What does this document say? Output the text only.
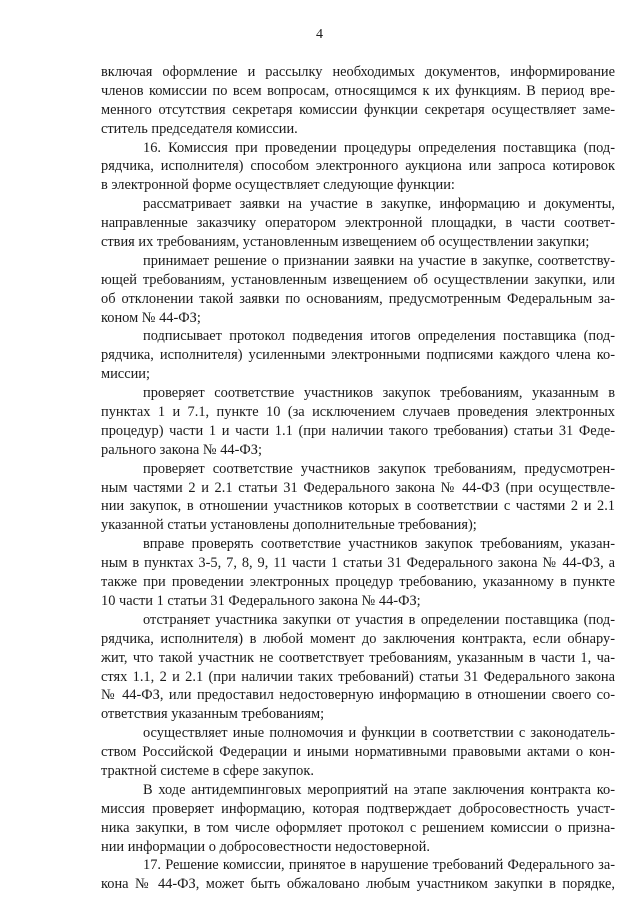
4
включая оформление и рассылку необходимых документов, информирование
членов комиссии по всем вопросам, относящимся к их функциям. В период вре-
менного отсутствия секретаря комиссии функции секретаря осуществляет заме-
ститель председателя комиссии.
16. Комиссия при проведении процедуры определения поставщика (под-
рядчика, исполнителя) способом электронного аукциона или запроса котировок
в электронной форме осуществляет следующие функции:
рассматривает заявки на участие в закупке, информацию и документы,
направленные заказчику оператором электронной площадки, в части соответ-
ствия их требованиям, установленным извещением об осуществлении закупки;
принимает решение о признании заявки на участие в закупке, соответству-
ющей требованиям, установленным извещением об осуществлении закупки, или
об отклонении такой заявки по основаниям, предусмотренным Федеральным за-
коном № 44-ФЗ;
подписывает протокол подведения итогов определения поставщика (под-
рядчика, исполнителя) усиленными электронными подписями каждого члена ко-
миссии;
проверяет соответствие участников закупок требованиям, указанным в
пунктах 1 и 7.1, пункте 10 (за исключением случаев проведения электронных
процедур) части 1 и части 1.1 (при наличии такого требования) статьи 31 Феде-
рального закона № 44-ФЗ;
проверяет соответствие участников закупок требованиям, предусмотрен-
ным частями 2 и 2.1 статьи 31 Федерального закона № 44-ФЗ (при осуществле-
нии закупок, в отношении участников которых в соответствии с частями 2 и 2.1
указанной статьи установлены дополнительные требования);
вправе проверять соответствие участников закупок требованиям, указан-
ным в пунктах 3-5, 7, 8, 9, 11 части 1 статьи 31 Федерального закона № 44-ФЗ, а
также при проведении электронных процедур требованию, указанному в пункте
10 части 1 статьи 31 Федерального закона № 44-ФЗ;
отстраняет участника закупки от участия в определении поставщика (под-
рядчика, исполнителя) в любой момент до заключения контракта, если обнару-
жит, что такой участник не соответствует требованиям, указанным в части 1, ча-
стях 1.1, 2 и 2.1 (при наличии таких требований) статьи 31 Федерального закона
№ 44-ФЗ, или предоставил недостоверную информацию в отношении своего со-
ответствия указанным требованиям;
осуществляет иные полномочия и функции в соответствии с законодатель-
ством Российской Федерации и иными нормативными правовыми актами о кон-
трактной системе в сфере закупок.
В ходе антидемпинговых мероприятий на этапе заключения контракта ко-
миссия проверяет информацию, которая подтверждает добросовестность участ-
ника закупки, в том числе оформляет протокол с решением комиссии о призна-
нии информации о добросовестности недостоверной.
17. Решение комиссии, принятое в нарушение требований Федерального за-
кона № 44-ФЗ, может быть обжаловано любым участником закупки в порядке,
